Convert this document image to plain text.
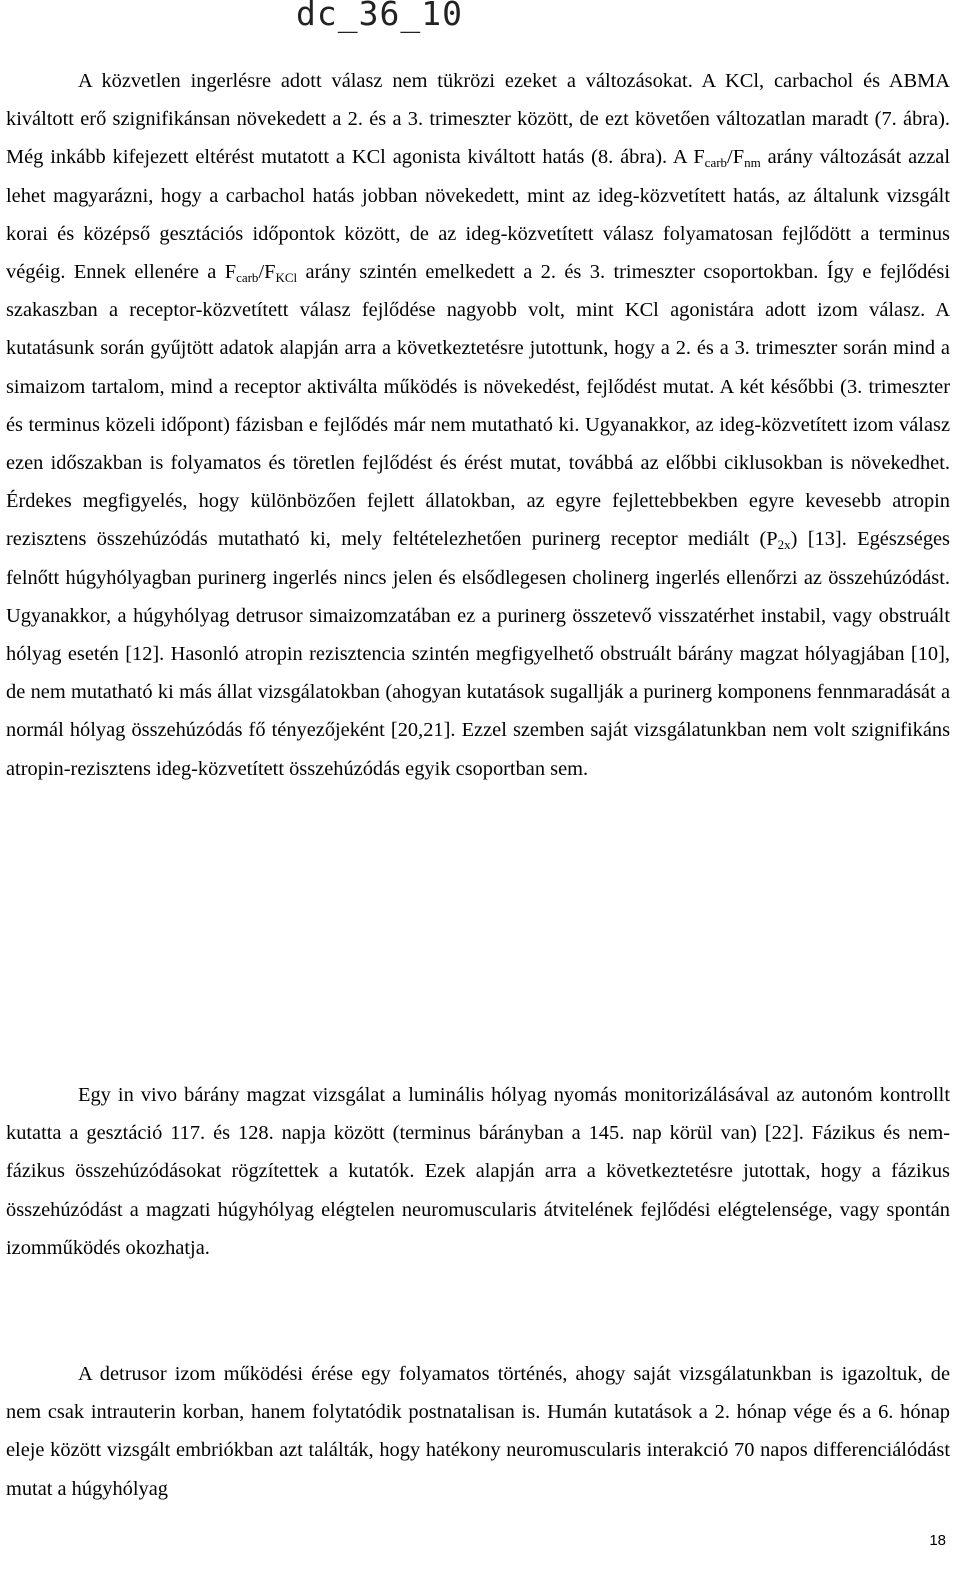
dc_36_10

A közvetlen ingerlésre adott válasz nem tükrözi ezeket a változásokat. A KCl, carbachol és ABMA kiváltott erő szignifikánsan növekedett a 2. és a 3. trimeszter között, de ezt követően változatlan maradt (7. ábra). Még inkább kifejezett eltérést mutatott a KCl agonista kiváltott hatás (8. ábra). A $F_{carb}/F_{nm}$ arány változását azzal lehet magyarázni, hogy a carbachol hatás jobban növekedett, mint az ideg-közvetített hatás, az általunk vizsgált korai és középső gesztációs időpontok között, de az ideg-közvetített válasz folyamatosan fejlődött a terminus végéig. Ennek ellenére a $F_{carb}/F_{KCl}$ arány szintén emelkedett a 2. és 3. trimeszter csoportokban. Így e fejlődési szakaszban a receptor-közvetített válasz fejlődése nagyobb volt, mint KCl agonistára adott izom válasz. A kutatásunk során gyűjtött adatok alapján arra a következtetésre jutottunk, hogy a 2. és a 3. trimeszter során mind a simaizom tartalom, mind a receptor aktiválta működés is növekedést, fejlődést mutat. A két későbbi (3. trimeszter és terminus közeli időpont) fázisban e fejlődés már nem mutatható ki. Ugyanakkor, az ideg-közvetített izom válasz ezen időszakban is folyamatos és töretlen fejlődést és érést mutat, továbbá az előbbi ciklusokban is növekedhet. Érdekes megfigyelés, hogy különbözően fejlett állatokban, az egyre fejlettebbekben egyre kevesebb atropin rezisztens összehúzódás mutatható ki, mely feltételezhetően purinerg receptor mediált $(P_{2x})$ [13]. Egészséges felnőtt húgyhólyagban purinerg ingerlés nincs jelen és elsődlegesen cholinerg ingerlés ellenőrzi az összehúzódást. Ugyanakkor, a húgyhólyag detrusor simaizomzatában ez a purinerg összetevő visszatérhet instabil, vagy obstruált hólyag esetén [12]. Hasonló atropin rezisztencia szintén megfigyelhető obstruált bárány magzat hólyagjában [10], de nem mutatható ki más állat vizsgálatokban (ahogyan kutatások sugallják a purinerg komponens fennmaradását a normál hólyag összehúzódás fő tényezőjeként [20,21]. Ezzel szemben saját vizsgálatunkban nem volt szignifikáns atropin-rezisztens ideg-közvetített összehúzódás egyik csoportban sem.

Egy in vivo bárány magzat vizsgálat a luminális hólyag nyomás monitorizálásával az autonóm kontrollt kutatta a gesztáció 117. és 128. napja között (terminus bárányban a 145. nap körül van) [22]. Fázikus és nem-fázikus összehúzódásokat rögzítettek a kutatók. Ezek alapján arra a következtetésre jutottak, hogy a fázikus összehúzódást a magzati húgyhólyag elégtelen neuromuscularis átvitelének fejlődési elégtelensége, vagy spontán izomműködés okozhatja.

A detrusor izom működési érése egy folyamatos történés, ahogy saját vizsgálatunkban is igazoltuk, de nem csak intrauterin korban, hanem folytatódik postnatalisan is. Humán kutatások a 2. hónap vége és a 6. hónap eleje között vizsgált embriókban azt találták, hogy hatékony neuromuscularis interakció 70 napos differenciálódást mutat a húgyhólyag

18
